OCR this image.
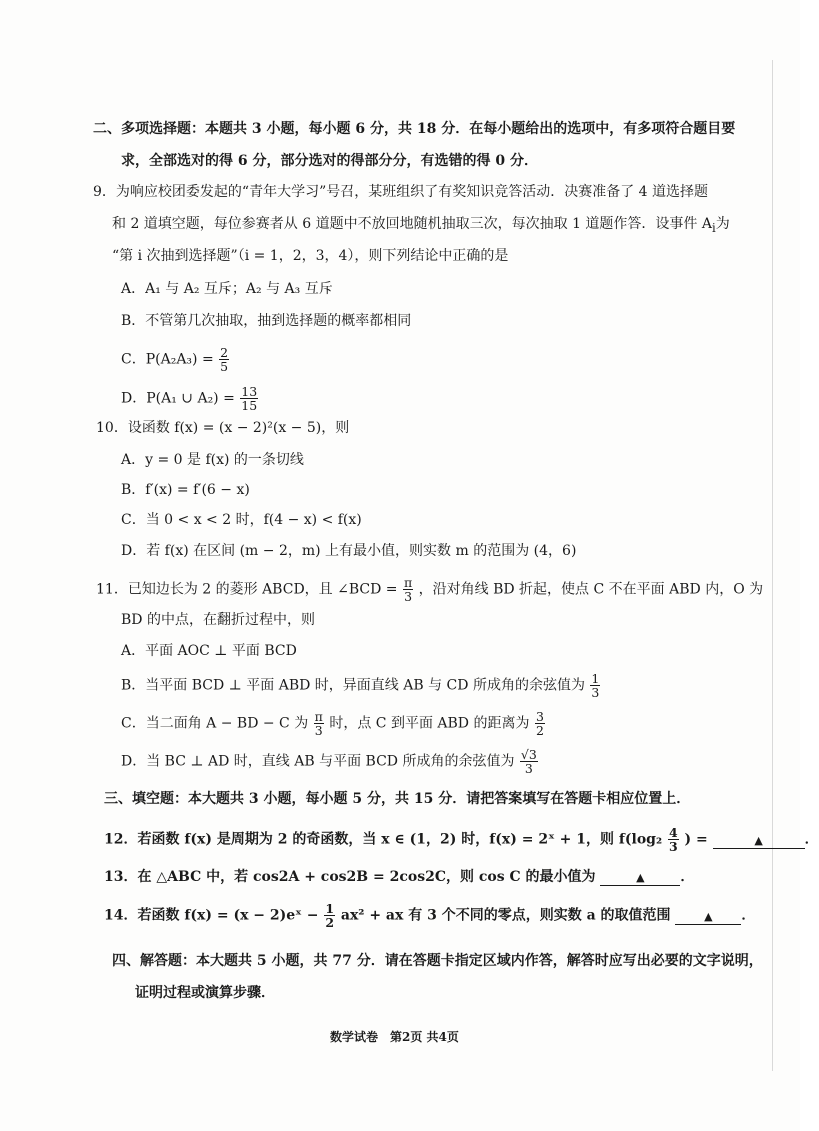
二、多项选择题：本题共 3 小题，每小题 6 分，共 18 分．在每小题给出的选项中，有多项符合题目要
求，全部选对的得 6 分，部分选对的得部分分，有选错的得 0 分．
9．为响应校团委发起的“青年大学习”号召，某班组织了有奖知识竞答活动．决赛准备了 4 道选择题
和 2 道填空题，每位参赛者从 6 道题中不放回地随机抽取三次，每次抽取 1 道题作答．设事件 $A_i$为
“第 i 次抽到选择题”（i = 1，2，3，4），则下列结论中正确的是
A．A₁ 与 A₂ 互斥；A₂ 与 A₃ 互斥
B．不管第几次抽取，抽到选择题的概率都相同
C．$P(A_2A_3) = \frac{2}{5}$
D．P(A₁ ∪ $A_2) = \frac{13}{15}$
10．设函数 f(x) = (x − 2)²(x − 5)，则
A．y = 0 是 f(x) 的一条切线
B．f′(x) = f′(6 − x)
C．当 0 < x < 2 时，f(4 − x) < f(x)
D．若 f(x) 在区间 (m − 2，m) 上有最小值，则实数 m 的范围为 (4，6)
11．已知边长为 2 的菱形 ABCD，且 ∠BCD = $\frac{\pi}{3}$ ，沿对角线 BD 折起，使点 C 不在平面 ABD 内，O 为
BD 的中点，在翻折过程中，则
A．平面 AOC ⊥ 平面 BCD
B．当平面 BCD ⊥ 平面 ABD 时，异面直线 AB 与 CD 所成角的余弦值为 $\frac{1}{3}$
C．当二面角 A − BD − C 为 $\frac{\pi}{3}$ 时，点 C 到平面 ABD 的距离为 $\frac{3}{2}$
D．当 BC ⊥ AD 时，直线 AB 与平面 BCD 所成角的余弦值为 $\frac{√3}{3}$
三、填空题：本大题共 3 小题，每小题 5 分，共 15 分．请把答案填写在答题卡相应位置上．
12．若函数 f(x) 是周期为 2 的奇函数，当 x ∈ (1，2) 时，f(x) = 2ˣ + 1，则 $f(\log_2 \frac{4}{3}$ ) =	▲	．
13．在 △ABC 中，若 cos2A + cos2B = 2cos2C，则 cos C 的最小值为	▲	．
14．若函数 f(x) = (x − 2)eˣ − $\frac{1}{2} ax^2$ + ax 有 3 个不同的零点，则实数 a 的取值范围	▲ ．
四、解答题：本大题共 5 小题，共 77 分．请在答题卡指定区域内作答，解答时应写出必要的文字说明，
证明过程或演算步骤．
数学试卷　第2页 共4页
